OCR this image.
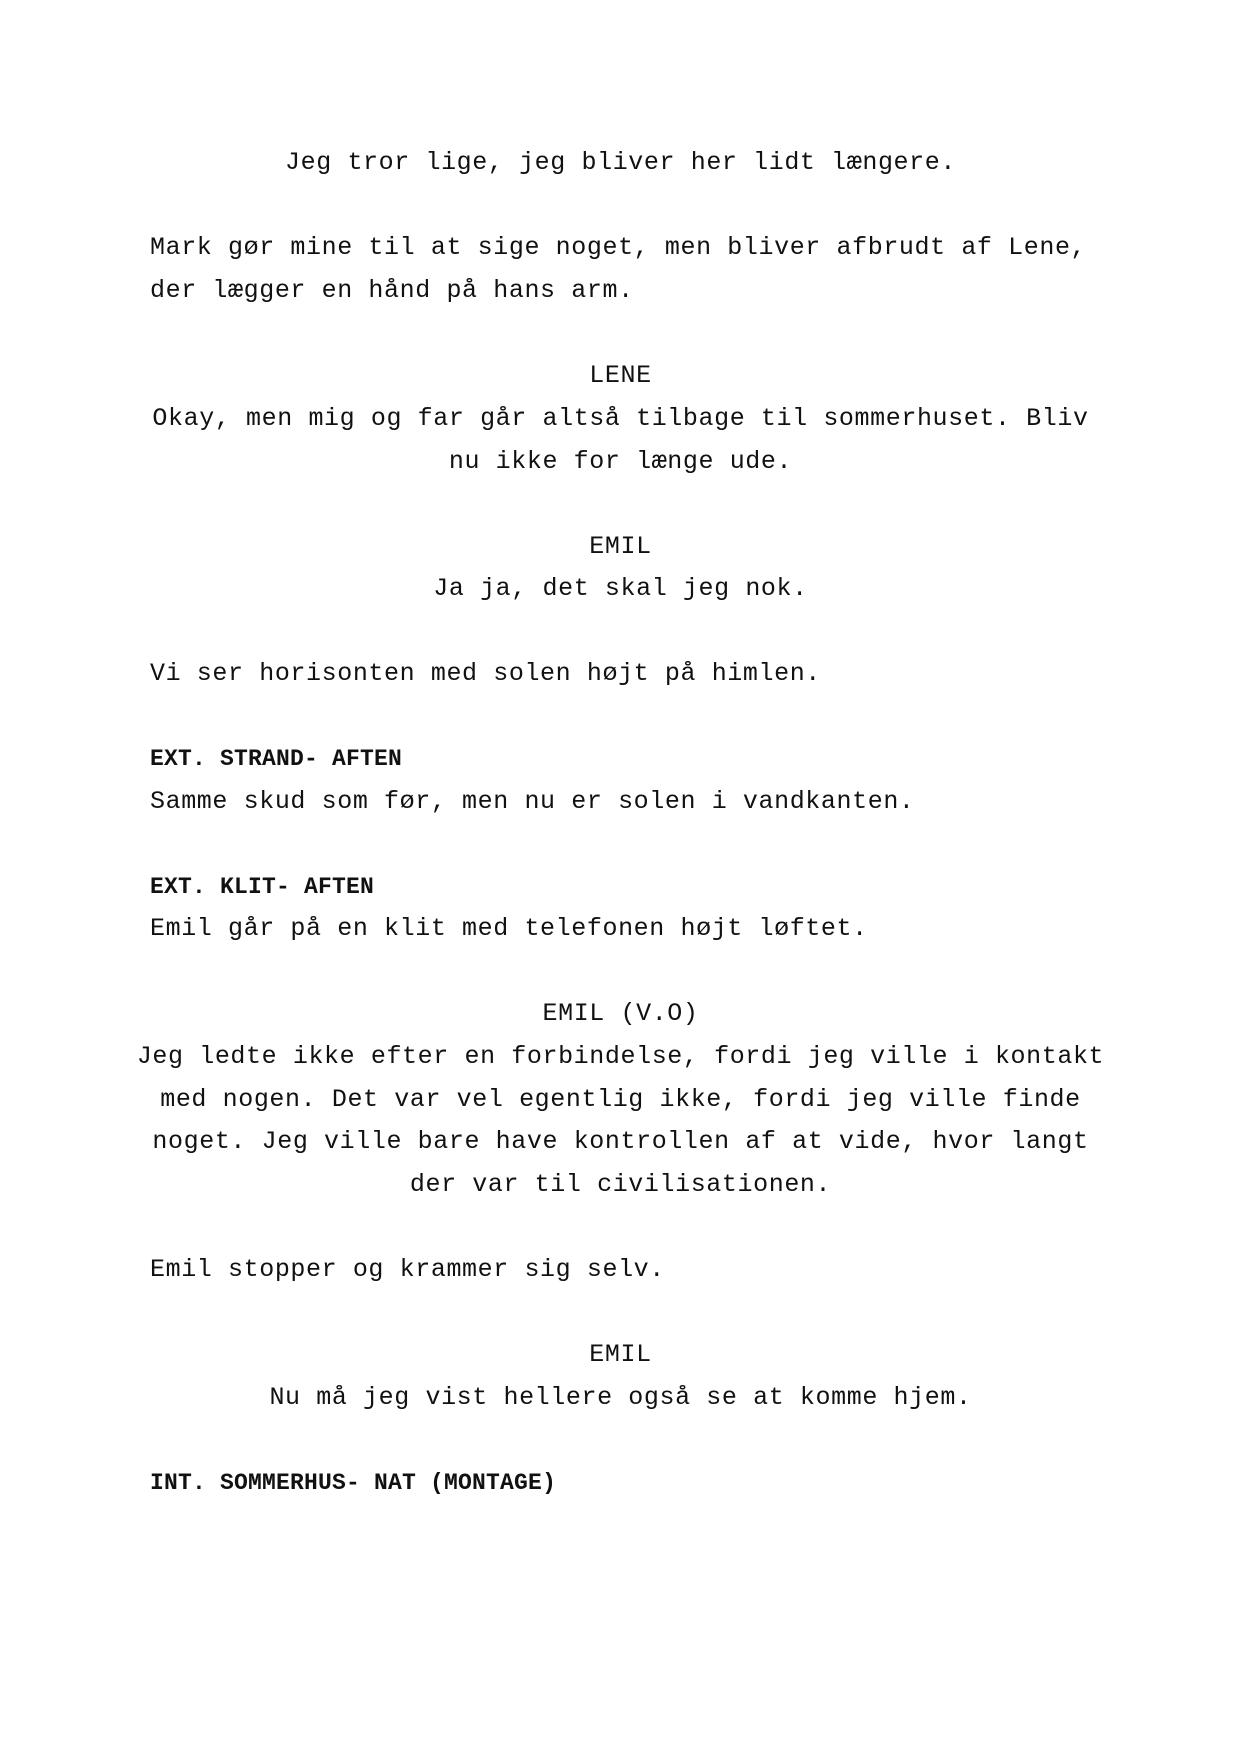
Jeg tror lige, jeg bliver her lidt længere.
Mark gør mine til at sige noget, men bliver afbrudt af Lene,
der lægger en hånd på hans arm.
LENE
Okay, men mig og far går altså tilbage til sommerhuset. Bliv
nu ikke for længe ude.
EMIL
Ja ja, det skal jeg nok.
Vi ser horisonten med solen højt på himlen.
EXT. STRAND- AFTEN
Samme skud som før, men nu er solen i vandkanten.
EXT. KLIT- AFTEN
Emil går på en klit med telefonen højt løftet.
EMIL (V.O)
Jeg ledte ikke efter en forbindelse, fordi jeg ville i kontakt
med nogen. Det var vel egentlig ikke, fordi jeg ville finde
noget. Jeg ville bare have kontrollen af at vide, hvor langt
der var til civilisationen.
Emil stopper og krammer sig selv.
EMIL
Nu må jeg vist hellere også se at komme hjem.
INT. SOMMERHUS- NAT (MONTAGE)
